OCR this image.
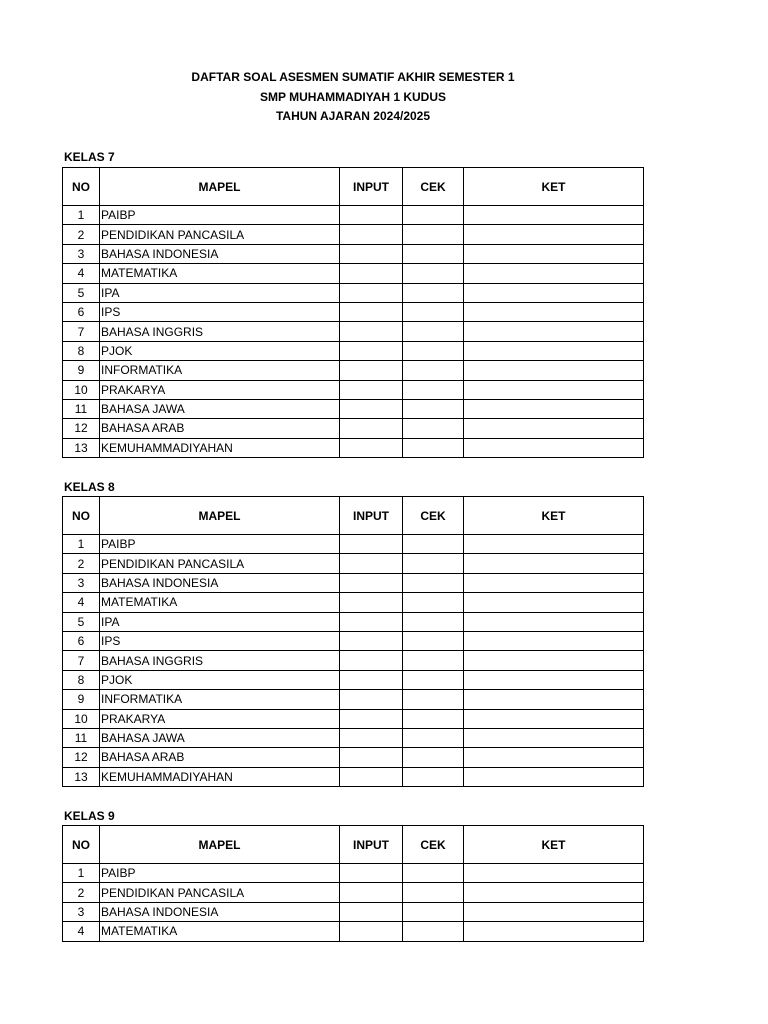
DAFTAR SOAL ASESMEN SUMATIF AKHIR SEMESTER 1
SMP MUHAMMADIYAH 1 KUDUS
TAHUN AJARAN 2024/2025
KELAS 7
NO	MAPEL	INPUT	CEK	KET
1	PAIBP			
2	PENDIDIKAN PANCASILA			
3	BAHASA INDONESIA			
4	MATEMATIKA			
5	IPA			
6	IPS			
7	BAHASA INGGRIS			
8	PJOK			
9	INFORMATIKA			
10	PRAKARYA			
11	BAHASA JAWA			
12	BAHASA ARAB			
13	KEMUHAMMADIYAHAN			
KELAS 8
NO	MAPEL	INPUT	CEK	KET
1	PAIBP			
2	PENDIDIKAN PANCASILA			
3	BAHASA INDONESIA			
4	MATEMATIKA			
5	IPA			
6	IPS			
7	BAHASA INGGRIS			
8	PJOK			
9	INFORMATIKA			
10	PRAKARYA			
11	BAHASA JAWA			
12	BAHASA ARAB			
13	KEMUHAMMADIYAHAN			
KELAS 9
NO	MAPEL	INPUT	CEK	KET
1	PAIBP			
2	PENDIDIKAN PANCASILA			
3	BAHASA INDONESIA			
4	MATEMATIKA			
